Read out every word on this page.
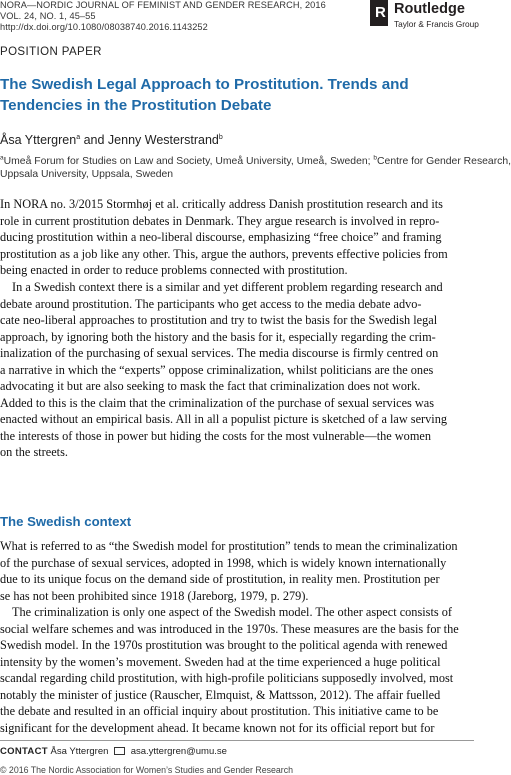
NORA—NORDIC JOURNAL OF FEMINIST AND GENDER RESEARCH, 2016
VOL. 24, NO. 1, 45–55
http://dx.doi.org/10.1080/08038740.2016.1143252
R Routledge
Taylor & Francis Group
POSITION PAPER
The Swedish Legal Approach to Prostitution. Trends and
Tendencies in the Prostitution Debate
Åsa Yttergren$^a$ and Jenny Westerstrand$^b$
$^a$Umeå Forum for Studies on Law and Society, Umeå University, Umeå, Sweden; $^b$Centre for Gender Research,
Uppsala University, Uppsala, Sweden
In NORA no. 3/2015 Stormhøj et al. critically address Danish prostitution research and its
role in current prostitution debates in Denmark. They argue research is involved in repro-
ducing prostitution within a neo-liberal discourse, emphasizing “free choice” and framing
prostitution as a job like any other. This, argue the authors, prevents effective policies from
being enacted in order to reduce problems connected with prostitution.
In a Swedish context there is a similar and yet different problem regarding research and
debate around prostitution. The participants who get access to the media debate advo-
cate neo-liberal approaches to prostitution and try to twist the basis for the Swedish legal
approach, by ignoring both the history and the basis for it, especially regarding the crim-
inalization of the purchasing of sexual services. The media discourse is firmly centred on
a narrative in which the “experts” oppose criminalization, whilst politicians are the ones
advocating it but are also seeking to mask the fact that criminalization does not work.
Added to this is the claim that the criminalization of the purchase of sexual services was
enacted without an empirical basis. All in all a populist picture is sketched of a law serving
the interests of those in power but hiding the costs for the most vulnerable—the women
on the streets.
The Swedish context
What is referred to as “the Swedish model for prostitution” tends to mean the criminalization
of the purchase of sexual services, adopted in 1998, which is widely known internationally
due to its unique focus on the demand side of prostitution, in reality men. Prostitution per
se has not been prohibited since 1918 (Jareborg, 1979, p. 279).
The criminalization is only one aspect of the Swedish model. The other aspect consists of
social welfare schemes and was introduced in the 1970s. These measures are the basis for the
Swedish model. In the 1970s prostitution was brought to the political agenda with renewed
intensity by the women’s movement. Sweden had at the time experienced a huge political
scandal regarding child prostitution, with high-profile politicians supposedly involved, most
notably the minister of justice (Rauscher, Elmquist, & Mattsson, 2012). The affair fuelled
the debate and resulted in an official inquiry about prostitution. This initiative came to be
significant for the development ahead. It became known not for its official report but for
CONTACT Åsa Yttergren asa.yttergren@umu.se
© 2016 The Nordic Association for Women’s Studies and Gender Research
